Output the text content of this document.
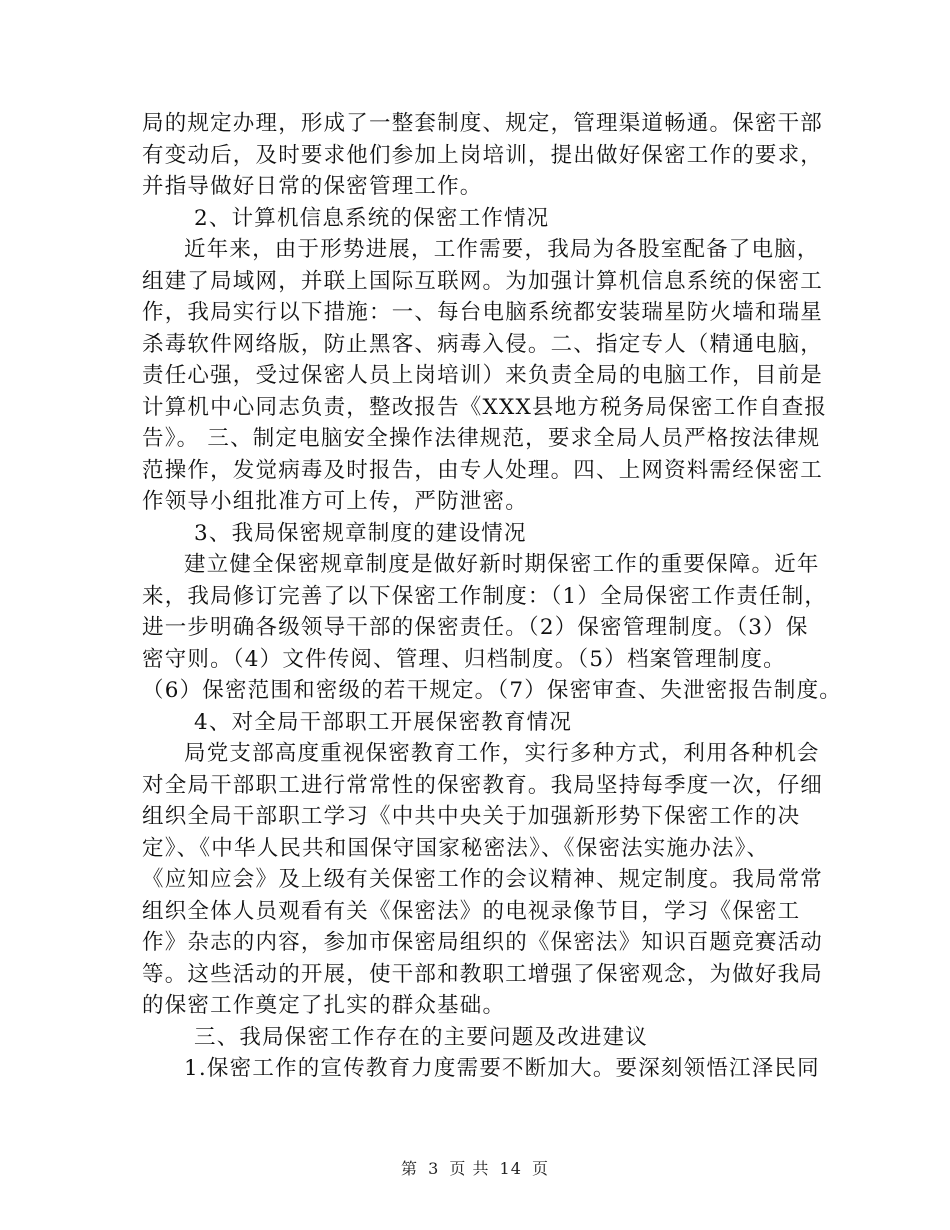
局的规定办理，形成了一整套制度、规定，管理渠道畅通。保密干部
有变动后，及时要求他们参加上岗培训，提出做好保密工作的要求，
并指导做好日常的保密管理工作。
2、计算机信息系统的保密工作情况
近年来，由于形势进展，工作需要，我局为各股室配备了电脑，
组建了局域网，并联上国际互联网。为加强计算机信息系统的保密工
作，我局实行以下措施：一、每台电脑系统都安装瑞星防火墙和瑞星
杀毒软件网络版，防止黑客、病毒入侵。二、指定专人（精通电脑，
责任心强，受过保密人员上岗培训）来负责全局的电脑工作，目前是
计算机中心同志负责，整改报告《XXX县地方税务局保密工作自查报
告》。 三、制定电脑安全操作法律规范，要求全局人员严格按法律规
范操作，发觉病毒及时报告，由专人处理。四、上网资料需经保密工
作领导小组批准方可上传，严防泄密。
3、我局保密规章制度的建设情况
建立健全保密规章制度是做好新时期保密工作的重要保障。近年
来，我局修订完善了以下保密工作制度：（1）全局保密工作责任制，
进一步明确各级领导干部的保密责任。（2）保密管理制度。（3）保
密守则。（4）文件传阅、管理、归档制度。（5）档案管理制度。
（6）保密范围和密级的若干规定。（7）保密审查、失泄密报告制度。
4、对全局干部职工开展保密教育情况
局党支部高度重视保密教育工作，实行多种方式，利用各种机会
对全局干部职工进行常常性的保密教育。我局坚持每季度一次，仔细
组织全局干部职工学习《中共中央关于加强新形势下保密工作的决
定》、《中华人民共和国保守国家秘密法》、《保密法实施办法》、
《应知应会》及上级有关保密工作的会议精神、规定制度。我局常常
组织全体人员观看有关《保密法》的电视录像节目，学习《保密工
作》杂志的内容，参加市保密局组织的《保密法》知识百题竞赛活动
等。这些活动的开展，使干部和教职工增强了保密观念，为做好我局
的保密工作奠定了扎实的群众基础。
三、我局保密工作存在的主要问题及改进建议
1.保密工作的宣传教育力度需要不断加大。要深刻领悟江泽民同
第 3 页 共 14 页
